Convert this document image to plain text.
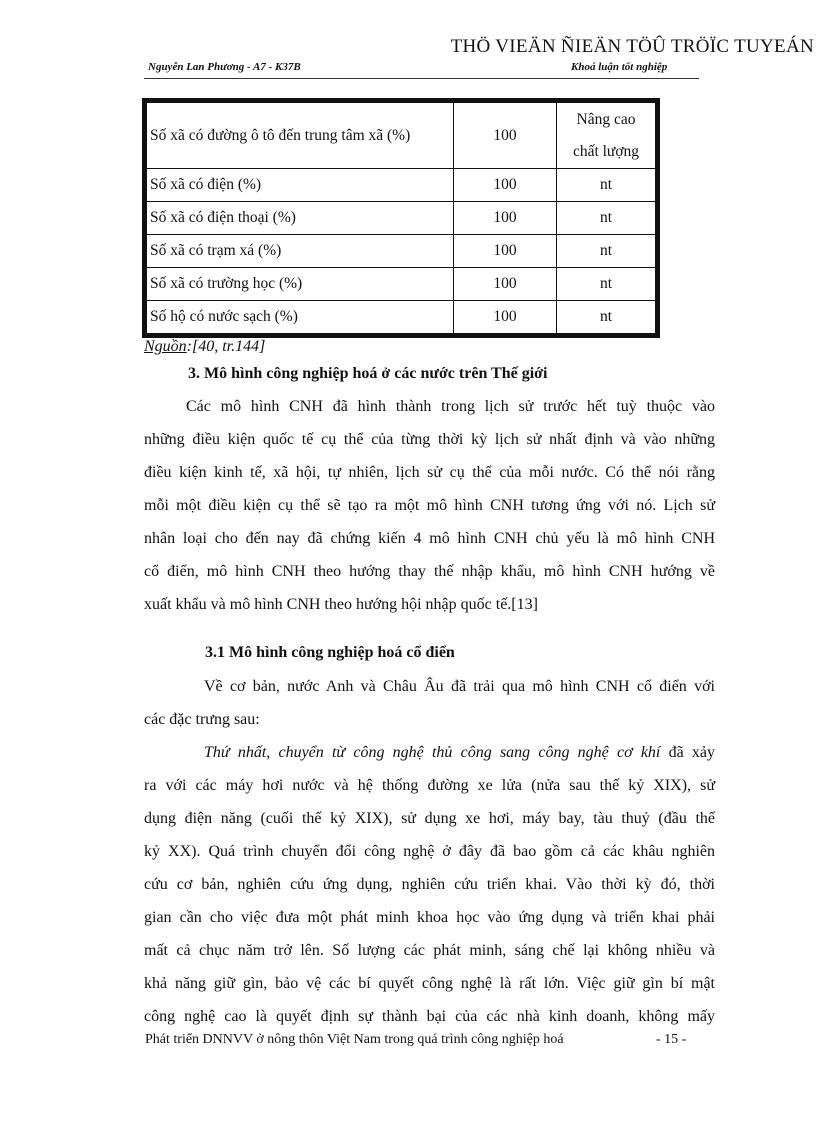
THÖ VIEÄN ÑIEÄN TÖÛ TRÖÏC TUYEÁN
Nguyễn Lan Phương - A7 - K37B	Khoá luận tốt nghiệp
Số xã có đường ô tô đến trung tâm xã (%)	100	Nâng cao
chất lượng

Số xã có điện (%)	100	nt
Số xã có điện thoại (%)	100	nt
Số xã có trạm xá (%)	100	nt
Số xã có trường học (%)	100	nt
Số hộ có nước sạch (%)	100	nt
Nguồn:[40, tr.144]
3. Mô hình công nghiệp hoá ở các nước trên Thế giới
Các mô hình CNH đã hình thành trong lịch sử trước hết tuỳ thuộc vào
những điều kiện quốc tế cụ thể của từng thời kỳ lịch sử nhất định và vào những
điều kiện kinh tế, xã hội, tự nhiên, lịch sử cụ thể của mỗi nước. Có thể nói rằng
mỗi một điều kiện cụ thể sẽ tạo ra một mô hình CNH tương ứng với nó. Lịch sử
nhân loại cho đến nay đã chứng kiến 4 mô hình CNH chủ yếu là mô hình CNH
cổ điển, mô hình CNH theo hướng thay thế nhập khẩu, mô hình CNH hướng về
xuất khẩu và mô hình CNH theo hướng hội nhập quốc tế.[13]
3.1 Mô hình công nghiệp hoá cổ điển
Về cơ bản, nước Anh và Châu Âu đã trải qua mô hình CNH cổ điển với
các đặc trưng sau:
Thứ nhất, chuyển từ công nghệ thủ công sang công nghệ cơ khí đã xảy
ra với các máy hơi nước và hệ thống đường xe lửa (nửa sau thế kỷ XIX), sử
dụng điện năng (cuối thế kỷ XIX), sử dụng xe hơi, máy bay, tàu thuỷ (đầu thế
kỷ XX). Quá trình chuyển đổi công nghệ ở đây đã bao gồm cả các khâu nghiên
cứu cơ bản, nghiên cứu ứng dụng, nghiên cứu triển khai. Vào thời kỳ đó, thời
gian cần cho việc đưa một phát minh khoa học vào ứng dụng và triển khai phải
mất cả chục năm trở lên. Số lượng các phát minh, sáng chế lại không nhiều và
khả năng giữ gìn, bảo vệ các bí quyết công nghệ là rất lớn. Việc giữ gìn bí mật
công nghệ cao là quyết định sự thành bại của các nhà kinh doanh, không mấy
Phát triển DNNVV ở nông thôn Việt Nam trong quá trình công nghiệp hoá	- 15 -
